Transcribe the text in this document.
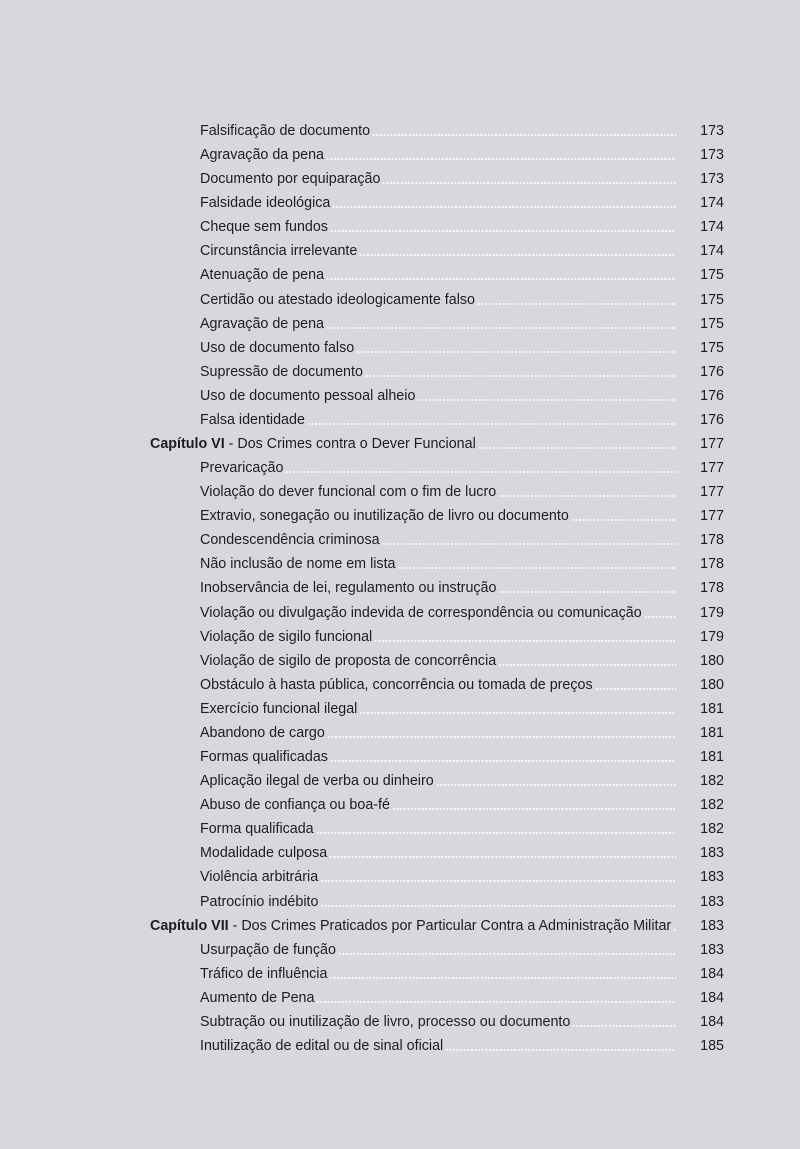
Falsificação de documento	173
Agravação da pena	173
Documento por equiparação	173
Falsidade ideológica	174
Cheque sem fundos	174
Circunstância irrelevante	174
Atenuação de pena	175
Certidão ou atestado ideologicamente falso	175
Agravação de pena	175
Uso de documento falso	175
Supressão de documento	176
Uso de documento pessoal alheio	176
Falsa identidade	176
Capítulo VI - Dos Crimes contra o Dever Funcional	177
Prevaricação	177
Violação do dever funcional com o fim de lucro	177
Extravio, sonegação ou inutilização de livro ou documento	177
Condescendência criminosa	178
Não inclusão de nome em lista	178
Inobservância de lei, regulamento ou instrução	178
Violação ou divulgação indevida de correspondência ou comunicação	179
Violação de sigilo funcional	179
Violação de sigilo de proposta de concorrência	180
Obstáculo à hasta pública, concorrência ou tomada de preços	180
Exercício funcional ilegal	181
Abandono de cargo	181
Formas qualificadas	181
Aplicação ilegal de verba ou dinheiro	182
Abuso de confiança ou boa-fé	182
Forma qualificada	182
Modalidade culposa	183
Violência arbitrária	183
Patrocínio indébito	183
Capítulo VII - Dos Crimes Praticados por Particular Contra a Administração Militar	183
Usurpação de função	183
Tráfico de influência	184
Aumento de Pena	184
Subtração ou inutilização de livro, processo ou documento	184
Inutilização de edital ou de sinal oficial	185
